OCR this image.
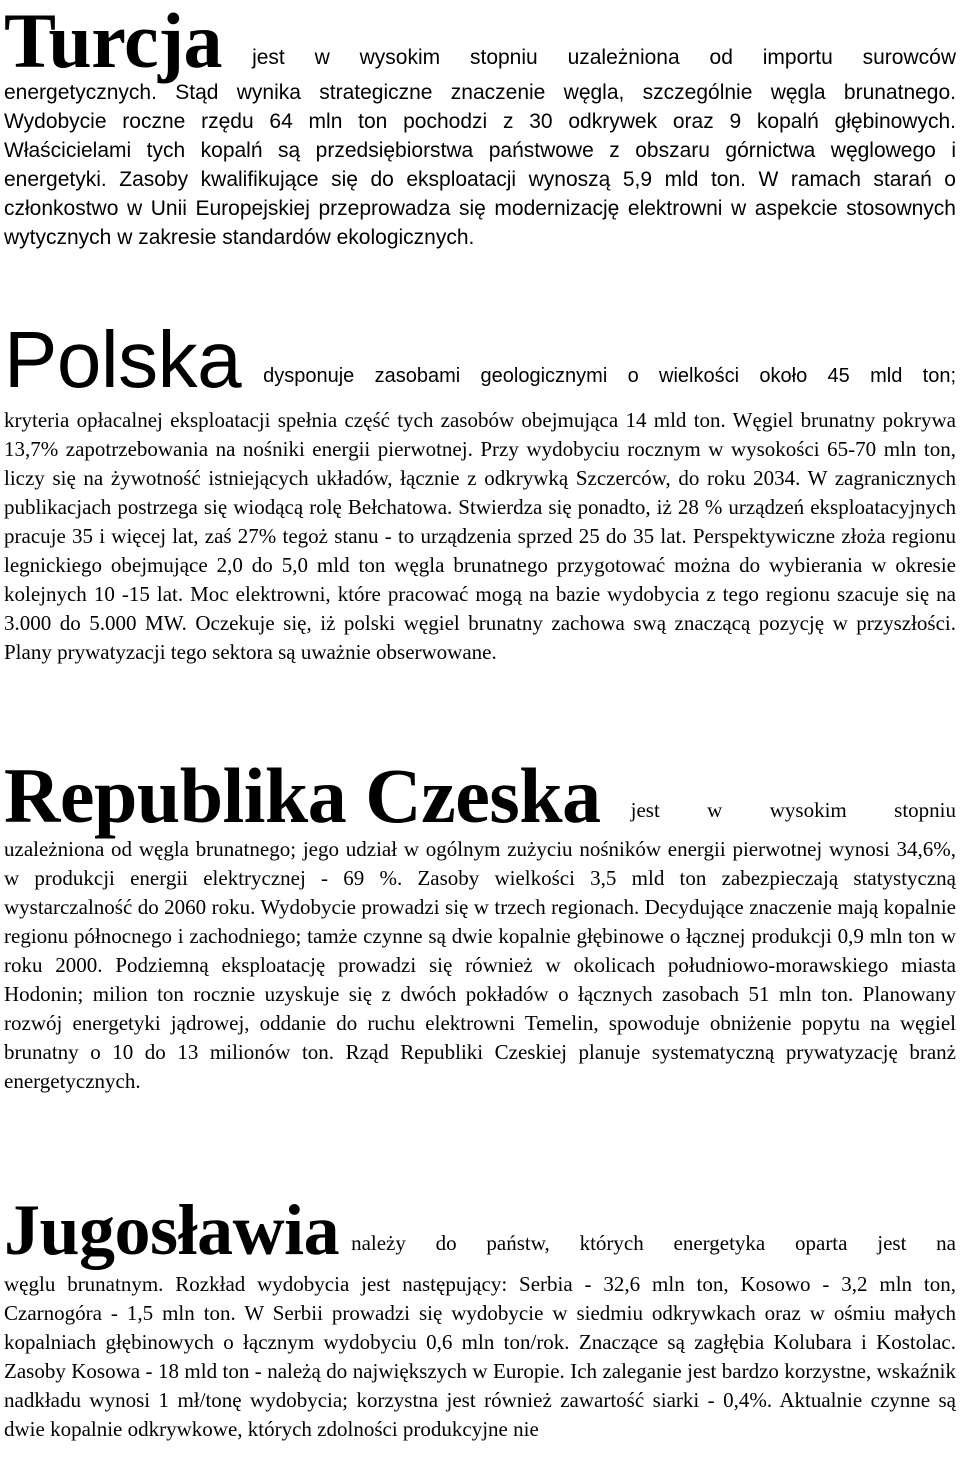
Turcja jest w wysokim stopniu uzależniona od importu surowców

energetycznych. Stąd wynika strategiczne znaczenie węgla, szczególnie węgla brunatnego. Wydobycie roczne rzędu 64 mln ton pochodzi z 30 odkrywek oraz 9 kopalń głębinowych. Właścicielami tych kopalń są przedsiębiorstwa państwowe z obszaru górnictwa węglowego i energetyki. Zasoby kwalifikujące się do eksploatacji wynoszą 5,9 mld ton. W ramach starań o członkostwo w Unii Europejskiej przeprowadza się modernizację elektrowni w aspekcie stosownych wytycznych w zakresie standardów ekologicznych.

Polska dysponuje zasobami geologicznymi o wielkości około 45 mld ton;

kryteria opłacalnej eksploatacji spełnia część tych zasobów obejmująca 14 mld ton. Węgiel brunatny pokrywa 13,7% zapotrzebowania na nośniki energii pierwotnej. Przy wydobyciu rocznym w wysokości 65-70 mln ton, liczy się na żywotność istniejących układów, łącznie z odkrywką Szczerców, do roku 2034. W zagranicznych publikacjach postrzega się wiodącą rolę Bełchatowa. Stwierdza się ponadto, iż 28 % urządzeń eksploatacyjnych pracuje 35 i więcej lat, zaś 27% tegoż stanu - to urządzenia sprzed 25 do 35 lat. Perspektywiczne złoża regionu legnickiego obejmujące 2,0 do 5,0 mld ton węgla brunatnego przygotować można do wybierania w okresie kolejnych 10 -15 lat. Moc elektrowni, które pracować mogą na bazie wydobycia z tego regionu szacuje się na 3.000 do 5.000 MW. Oczekuje się, iż polski węgiel brunatny zachowa swą znaczącą pozycję w przyszłości. Plany prywatyzacji tego sektora są uważnie obserwowane.

Republika Czeska jest w wysokim stopniu

uzależniona od węgla brunatnego; jego udział w ogólnym zużyciu nośników energii pierwotnej wynosi 34,6%, w produkcji energii elektrycznej - 69 %. Zasoby wielkości 3,5 mld ton zabezpieczają statystyczną wystarczalność do 2060 roku. Wydobycie prowadzi się w trzech regionach. Decydujące znaczenie mają kopalnie regionu północnego i zachodniego; tamże czynne są dwie kopalnie głębinowe o łącznej produkcji 0,9 mln ton w roku 2000. Podziemną eksploatację prowadzi się również w okolicach południowo-morawskiego miasta Hodonin; milion ton rocznie uzyskuje się z dwóch pokładów o łącznych zasobach 51 mln ton. Planowany rozwój energetyki jądrowej, oddanie do ruchu elektrowni Temelin, spowoduje obniżenie popytu na węgiel brunatny o 10 do 13 milionów ton. Rząd Republiki Czeskiej planuje systematyczną prywatyzację branż energetycznych.

Jugosławia należy do państw, których energetyka oparta jest na

węglu brunatnym. Rozkład wydobycia jest następujący: Serbia - 32,6 mln ton, Kosowo - 3,2 mln ton, Czarnogóra - 1,5 mln ton. W Serbii prowadzi się wydobycie w siedmiu odkrywkach oraz w ośmiu małych kopalniach głębinowych o łącznym wydobyciu 0,6 mln ton/rok. Znaczące są zagłębia Kolubara i Kostolac. Zasoby Kosowa - 18 mld ton - należą do największych w Europie. Ich zaleganie jest bardzo korzystne, wskaźnik nadkładu wynosi 1 mł/tonę wydobycia; korzystna jest również zawartość siarki - 0,4%. Aktualnie czynne są dwie kopalnie odkrywkowe, których zdolności produkcyjne nie
